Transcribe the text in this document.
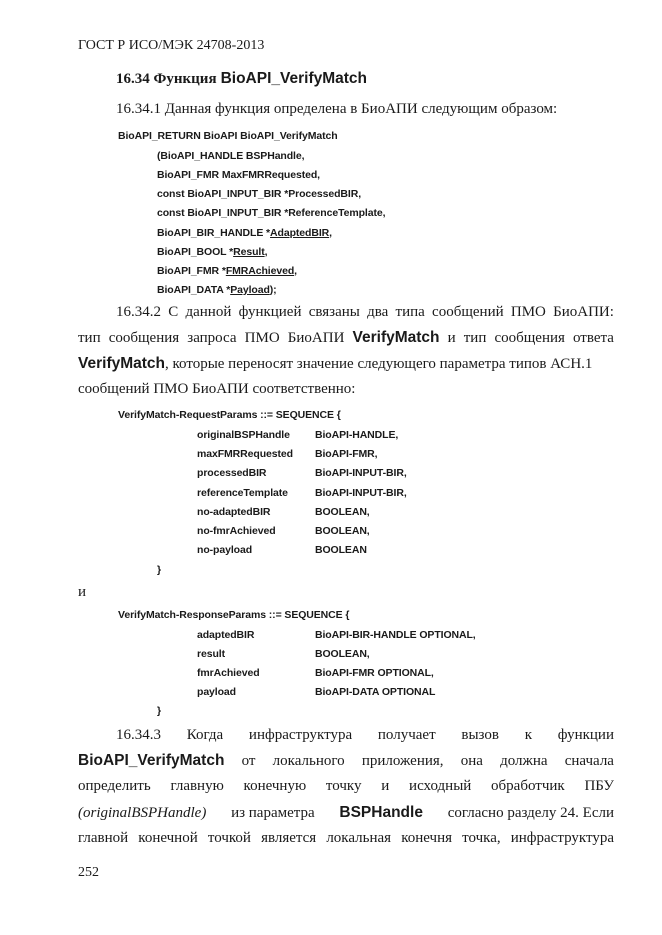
ГОСТ Р ИСО/МЭК 24708-2013
16.34 Функция BioAPI_VerifyMatch
16.34.1 Данная функция определена в БиоАПИ следующим образом:
BioAPI_RETURN BioAPI BioAPI_VerifyMatch
(BioAPI_HANDLE BSPHandle,
BioAPI_FMR MaxFMRRequested,
const BioAPI_INPUT_BIR *ProcessedBIR,
const BioAPI_INPUT_BIR *ReferenceTemplate,
BioAPI_BIR_HANDLE *AdaptedBIR,
BioAPI_BOOL *Result,
BioAPI_FMR *FMRAchieved,
BioAPI_DATA *Payload);
16.34.2 С данной функцией связаны два типа сообщений ПМО БиоАПИ:
тип сообщения запроса ПМО БиоАПИ VerifyMatch и тип сообщения ответа
VerifyMatch, которые переносят значение следующего параметра типов АСН.1
сообщений ПМО БиоАПИ соответственно:
VerifyMatch-RequestParams ::= SEQUENCE {
originalBSPHandle BioAPI-HANDLE,
maxFMRRequested BioAPI-FMR,
processedBIR	BioAPI-INPUT-BIR,
referenceTemplate	BioAPI-INPUT-BIR,
no-adaptedBIR	BOOLEAN,
no-fmrAchieved	BOOLEAN,
no-payload	BOOLEAN
}
и
VerifyMatch-ResponseParams ::= SEQUENCE {
adaptedBIR	BioAPI-BIR-HANDLE OPTIONAL,
result	BOOLEAN,
fmrAchieved	BioAPI-FMR OPTIONAL,
payload	BioAPI-DATA OPTIONAL
}
16.34.3 Когда инфраструктура получает вызов к функции
BioAPI_VerifyMatch от локального приложения, она должна сначала
определить главную конечную точку и исходный обработчик ПБУ
(originalBSPHandle) из параметра BSPHandle согласно разделу 24. Если
главной конечной точкой является локальная конечня точка, инфраструктура
252
